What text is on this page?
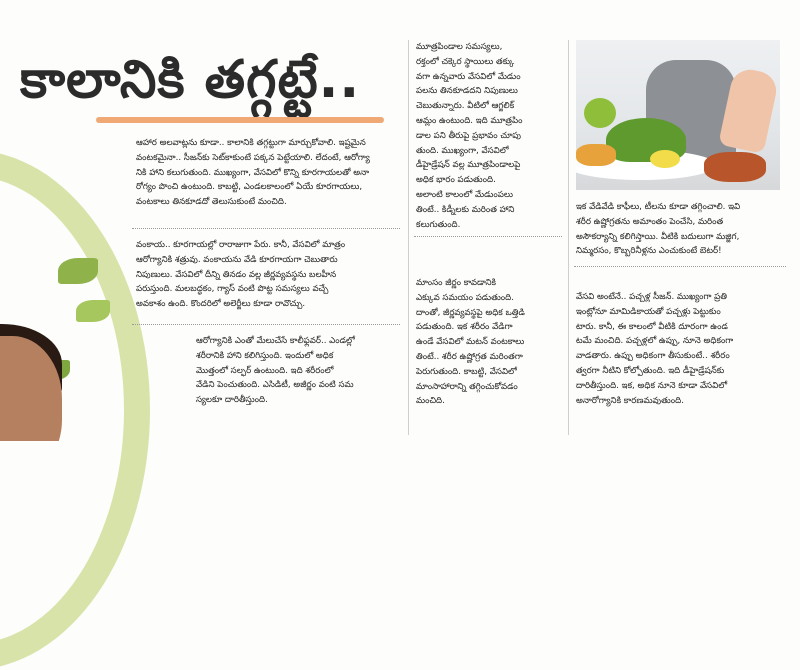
కాలానికి తగ్గట్టే..
ఆహార అలవాట్లను కూడా.. కాలానికి తగ్గట్టుగా మార్చుకోవాలి. ఇష్టమైన
వంటకమైనా.. సీజన్‌కు సెట్‌కాకుంటే పక్కన పెట్టేయాలి. లేదంటే, ఆరోగ్యా
నికి హాని కలుగుతుంది. ముఖ్యంగా, వేసవిలో కొన్ని కూరగాయలతో అనా
రోగ్యం పొంచి ఉంటుంది. కాబట్టి, ఎండలకాలంలో ఏయే కూరగాయలు,
వంటకాలు తినకూడదో తెలుసుకుంటే మంచిది.
వంకాయ.. కూరగాయల్లో రారాజుగా పేరు. కానీ, వేసవిలో మాత్రం
ఆరోగ్యానికి శత్రువు. వంకాయను వేడి కూరగాయగా చెబుతారు
నిపుణులు. వేసవిలో దీన్ని తినడం వల్ల జీర్ణవ్యవస్థను బలహీన
పరుస్తుంది. మలబద్ధకం, గ్యాస్ వంటి పొట్ట సమస్యలు వచ్చే
అవకాశం ఉంది. కొందరిలో అలెర్జీలు కూడా రావొచ్చు.
ఆరోగ్యానికి ఎంతో మేలుచేసే కాలీఫ్లవర్.. ఎండల్లో
శరీరానికి హాని కలిగిస్తుంది. ఇందులో అధిక
మొత్తంలో సల్ఫర్ ఉంటుంది. ఇది శరీరంలో
వేడిని పెంచుతుంది. ఎసిడిటీ, అజీర్ణం వంటి సమ
స్యలకూ దారితీస్తుంది.
మూత్రపిండాల సమస్యలు,
రక్తంలో చక్కెర స్థాయిలు తక్కు
వగా ఉన్నవారు వేసవిలో మేడుం
పలను తినకూడదని నిపుణులు
చెబుతున్నారు. వీటిలో ఆగ్జలిక్
ఆమ్లం ఉంటుంది. ఇది మూత్రపిం
డాల పని తీరుపై ప్రభావం చూపు
తుంది. ముఖ్యంగా, వేసవిలో
డీహైడ్రేషన్ వల్ల మూత్రపిండాలపై
అధిక భారం పడుతుంది.
అలాంటి కాలంలో మేడుంపలు
తింటే.. కిడ్నీలకు మరింత హాని
కలుగుతుంది.
మాంసం జీర్ణం కావడానికి
ఎక్కువ సమయం పడుతుంది.
దాంతో, జీర్ణవ్యవస్థపై అధిక ఒత్తిడి
పడుతుంది. ఇక శరీరం వేడిగా
ఉండే వేసవిలో మటన్ వంటకాలు
తింటే.. శరీర ఉష్ణోగ్రత మరింతగా
పెరుగుతుంది. కాబట్టి, వేసవిలో
మాంసాహారాన్ని తగ్గించుకోవడం
మంచిది.
ఇక వేడివేడి కాఫీలు, టీలను కూడా తగ్గించాలి. ఇవి
శరీర ఉష్ణోగ్రతను అమాంతం పెంచేసి, మరింత
అసౌకర్యాన్ని కలిగిస్తాయి. వీటికి బదులుగా మజ్జిగ,
నిమ్మరసం, కొబ్బరినీళ్లను ఎంచుకుంటే బెటర్!
వేసవి అంటేనే.. పచ్చళ్ల సీజన్. ముఖ్యంగా ప్రతి
ఇంట్లోనూ మామిడికాయతో పచ్చళ్లు పెట్టుకుం
టారు. కానీ, ఈ కాలంలో వీటికి దూరంగా ఉండ
టమే మంచిది. పచ్చళ్లలో ఉప్పు, నూనె అధికంగా
వాడతారు. ఉప్పు అధికంగా తీసుకుంటే.. శరీరం
త్వరగా నీటిని కోల్పోతుంది. ఇది డీహైడ్రేషన్‌కు
దారితీస్తుంది. ఇక, అధిక నూనె కూడా వేసవిలో
అనారోగ్యానికి కారణమవుతుంది.
